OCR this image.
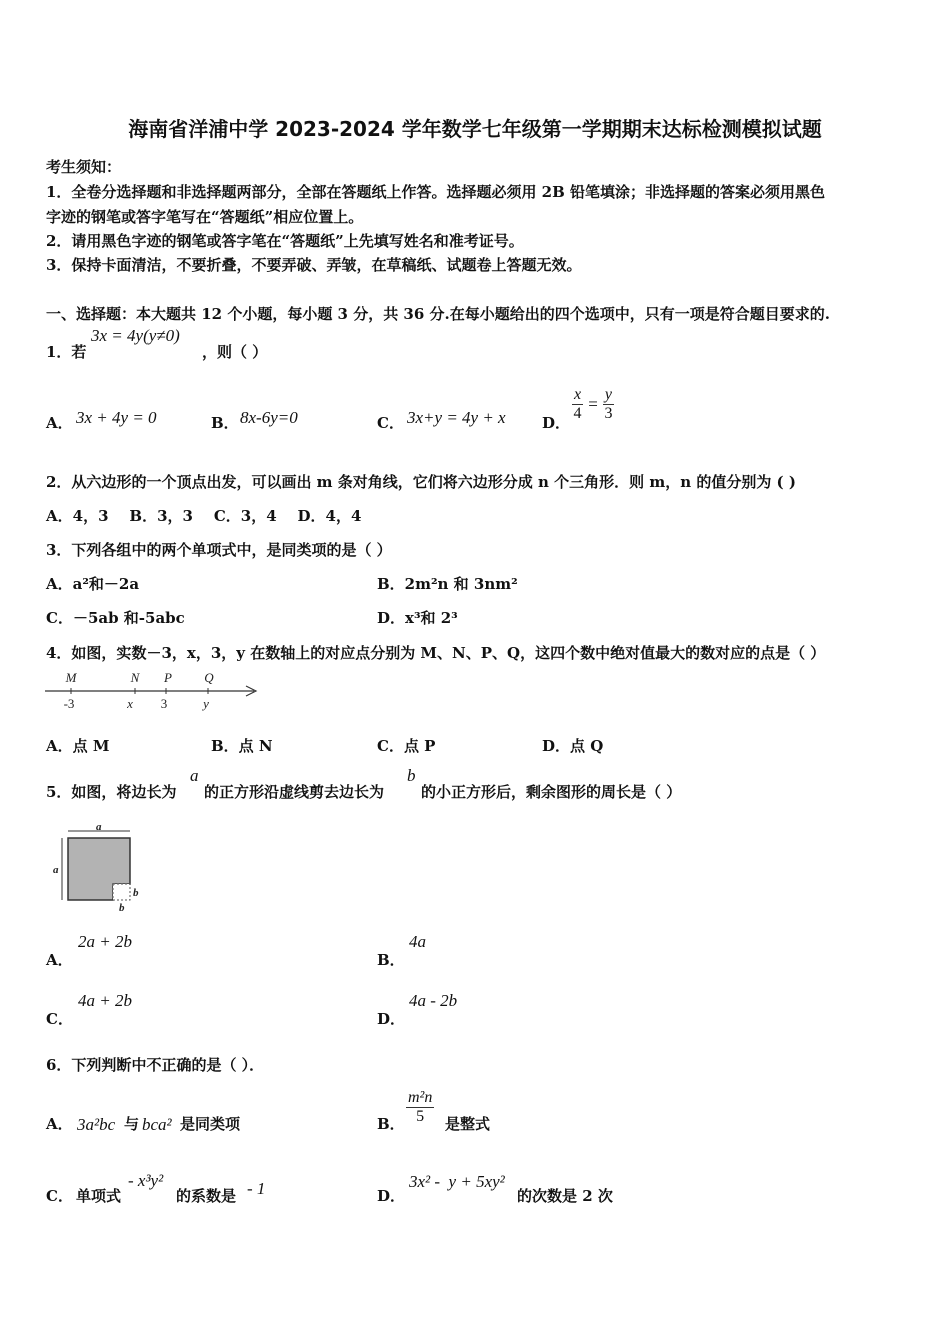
海南省洋浦中学 2023-2024 学年数学七年级第一学期期末达标检测模拟试题
考生须知：
1．全卷分选择题和非选择题两部分，全部在答题纸上作答。选择题必须用 2B 铅笔填涂；非选择题的答案必须用黑色
字迹的钢笔或答字笔写在“答题纸”相应位置上。
2．请用黑色字迹的钢笔或答字笔在“答题纸”上先填写姓名和准考证号。
3．保持卡面清洁，不要折叠，不要弄破、弄皱，在草稿纸、试题卷上答题无效。
一、选择题：本大题共 12 个小题，每小题 3 分，共 36 分.在每小题给出的四个选项中，只有一项是符合题目要求的.
1．若
3x = 4y(y≠0)
，则（ ）
A． 3x + 4y = 0	B． 8x-6y=0	C． 3x+y = 4y + x D． $\frac{x}{4} = \frac{y}{3}$
2．从六边形的一个顶点出发，可以画出 m 条对角线，它们将六边形分成 n 个三角形．则 m，n 的值分别为 ( )
A．4，3    B．3，3    C．3，4    D．4，4
3．下列各组中的两个单项式中，是同类项的是（ ）
A．a²和－2a	B．2m²n 和 3nm²
C．－5ab 和-5abc	D．x³和 2³
4．如图，实数－3，x，3，y 在数轴上的对应点分别为 M、N、P、Q，这四个数中绝对值最大的数对应的点是（ ）
M	N P Q
-3	x 3	y
A．点 M	B．点 N	C．点 P	D．点 Q
5．如图，将边长为
a
的正方形沿虚线剪去边长为
b
的小正方形后，剩余图形的周长是（ ）
a
a
b
b
A．
2a + 2b
B．
4a
C．
4a + 2b
D．
4a - 2b
6．下列判断中不正确的是（ ）．
A． 3a²bc 与 bca² 是同类项	B． $\frac{\text{m²n}}{5}$ 是整式
C． 单项式
- x³y²
的系数是 - 1	D．
3x² -  y + 5xy²
的次数是 2 次
